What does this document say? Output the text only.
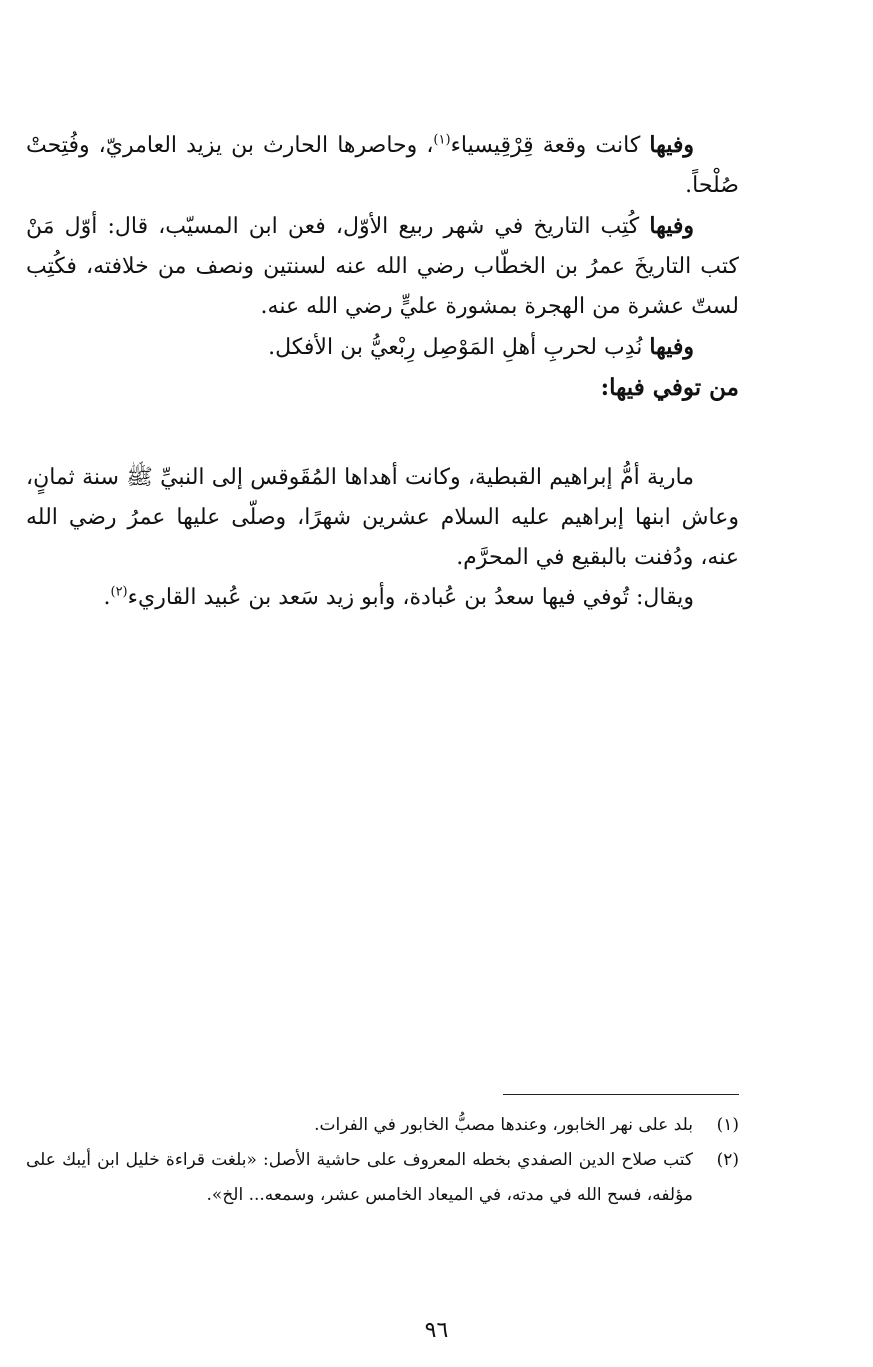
وفيها كانت وقعة قِرْقِيسياء$^{(١)}$، وحاصرها الحارث بن يزيد العامريّ، وفُتِحتْ صُلْحاً.

وفيها كُتِب التاريخ في شهر ربيع الأوّل، فعن ابن المسيّب، قال: أوّل مَنْ كتب التاريخَ عمرُ بن الخطّاب رضي الله عنه لسنتين ونصف من خلافته، فكُتِب لستّ عشرة من الهجرة بمشورة عليٍّ رضي الله عنه.

وفيها نُدِب لحربِ أهلِ المَوْصِل رِبْعيُّ بن الأفكل.

من توفي فيها:

مارية أمُّ إبراهيم القبطية، وكانت أهداها المُقَوقس إلى النبيِّ ﷺ سنة ثمانٍ، وعاش ابنها إبراهيم عليه السلام عشرين شهرًا، وصلّى عليها عمرُ رضي الله عنه، ودُفنت بالبقيع في المحرَّم.

ويقال: تُوفي فيها سعدُ بن عُبادة، وأبو زيد سَعد بن عُبيد القاريء$^{(٢)}$.

(١)
بلد على نهر الخابور، وعندها مصبُّ الخابور في الفرات.
(٢)
كتب صلاح الدين الصفدي بخطه المعروف على حاشية الأصل: «بلغت قراءة خليل ابن أيبك على مؤلفه، فسح الله في مدته، في الميعاد الخامس عشر، وسمعه... الخ».
٩٦
